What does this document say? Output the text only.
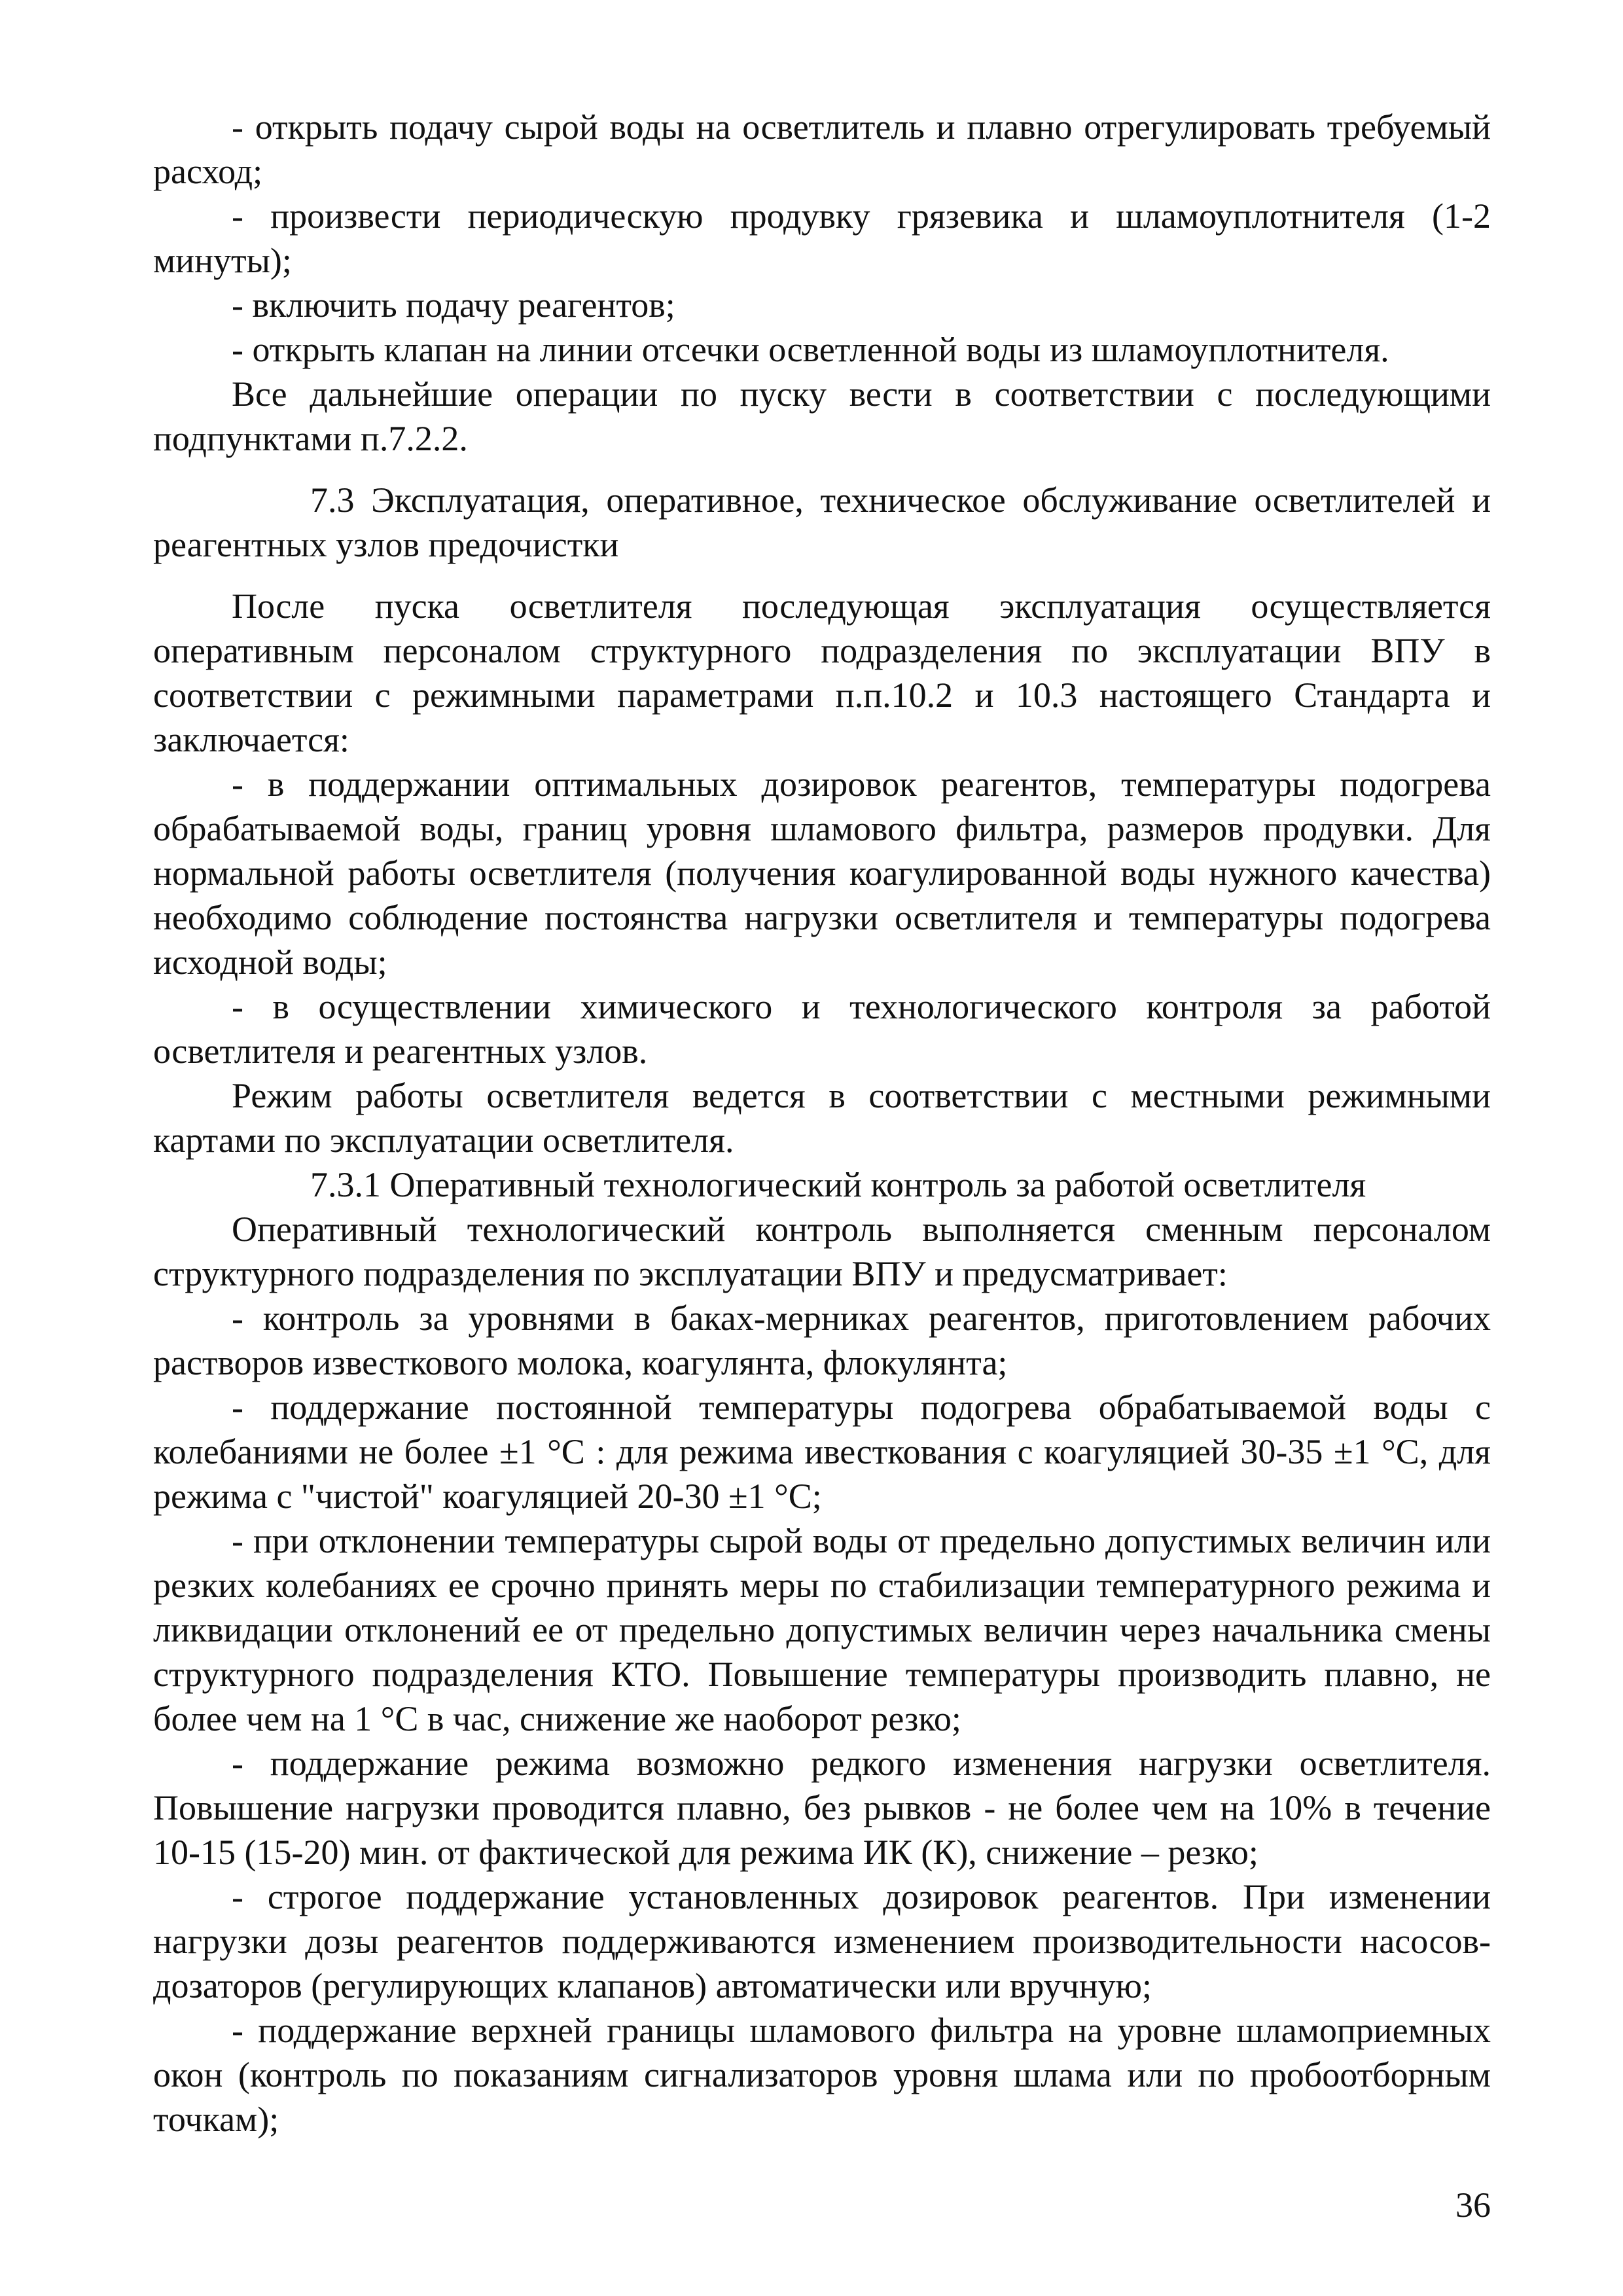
- открыть подачу сырой воды на осветлитель и плавно отрегулировать требуемый расход;

- произвести периодическую продувку грязевика и шламоуплотнителя (1-2 минуты);

- включить подачу реагентов;

- открыть клапан на линии отсечки осветленной воды из шламоуплотнителя.

Все дальнейшие операции по пуску вести в соответствии с последующими подпунктами п.7.2.2.

7.3 Эксплуатация, оперативное, техническое обслуживание осветлителей и реагентных узлов предочистки

После пуска осветлителя последующая эксплуатация осуществляется оперативным персоналом структурного подразделения по эксплуатации ВПУ в соответствии с режимными параметрами п.п.10.2 и 10.3 настоящего Стандарта и заключается:

- в поддержании оптимальных дозировок реагентов, температуры подогрева обрабатываемой воды, границ уровня шламового фильтра, размеров продувки. Для нормальной работы осветлителя (получения коагулированной воды нужного качества) необходимо соблюдение постоянства нагрузки осветлителя и температуры подогрева исходной воды;

- в осуществлении химического и технологического контроля за работой осветлителя и реагентных узлов.

Режим работы осветлителя ведется в соответствии с местными режимными картами по эксплуатации осветлителя.

7.3.1 Оперативный технологический контроль за работой осветлителя

Оперативный технологический контроль выполняется сменным персоналом структурного подразделения по эксплуатации ВПУ и предусматривает:

- контроль за уровнями в баках-мерниках реагентов, приготовлением рабочих растворов известкового молока, коагулянта, флокулянта;

- поддержание постоянной температуры подогрева обрабатываемой воды с колебаниями не более ±1 °С : для режима ивесткования с коагуляцией 30-35 ±1 °С, для режима с "чистой" коагуляцией 20-30 ±1 °С;

- при отклонении температуры сырой воды от предельно допустимых величин или резких колебаниях ее срочно принять меры по стабилизации температурного режима и ликвидации отклонений ее от предельно допустимых величин через начальника смены структурного подразделения КТО. Повышение температуры производить плавно, не более чем на 1 °С в час, снижение же наоборот резко;

- поддержание режима возможно редкого изменения нагрузки осветлителя. Повышение нагрузки проводится плавно, без рывков - не более чем на 10% в течение 10-15 (15-20) мин. от фактической для режима ИК (К), снижение – резко;

- строгое поддержание установленных дозировок реагентов. При изменении нагрузки дозы реагентов поддерживаются изменением производительности насосов-дозаторов (регулирующих клапанов) автоматически или вручную;

- поддержание верхней границы шламового фильтра на уровне шламоприемных окон (контроль по показаниям сигнализаторов уровня шлама или по пробоотборным точкам);

36
